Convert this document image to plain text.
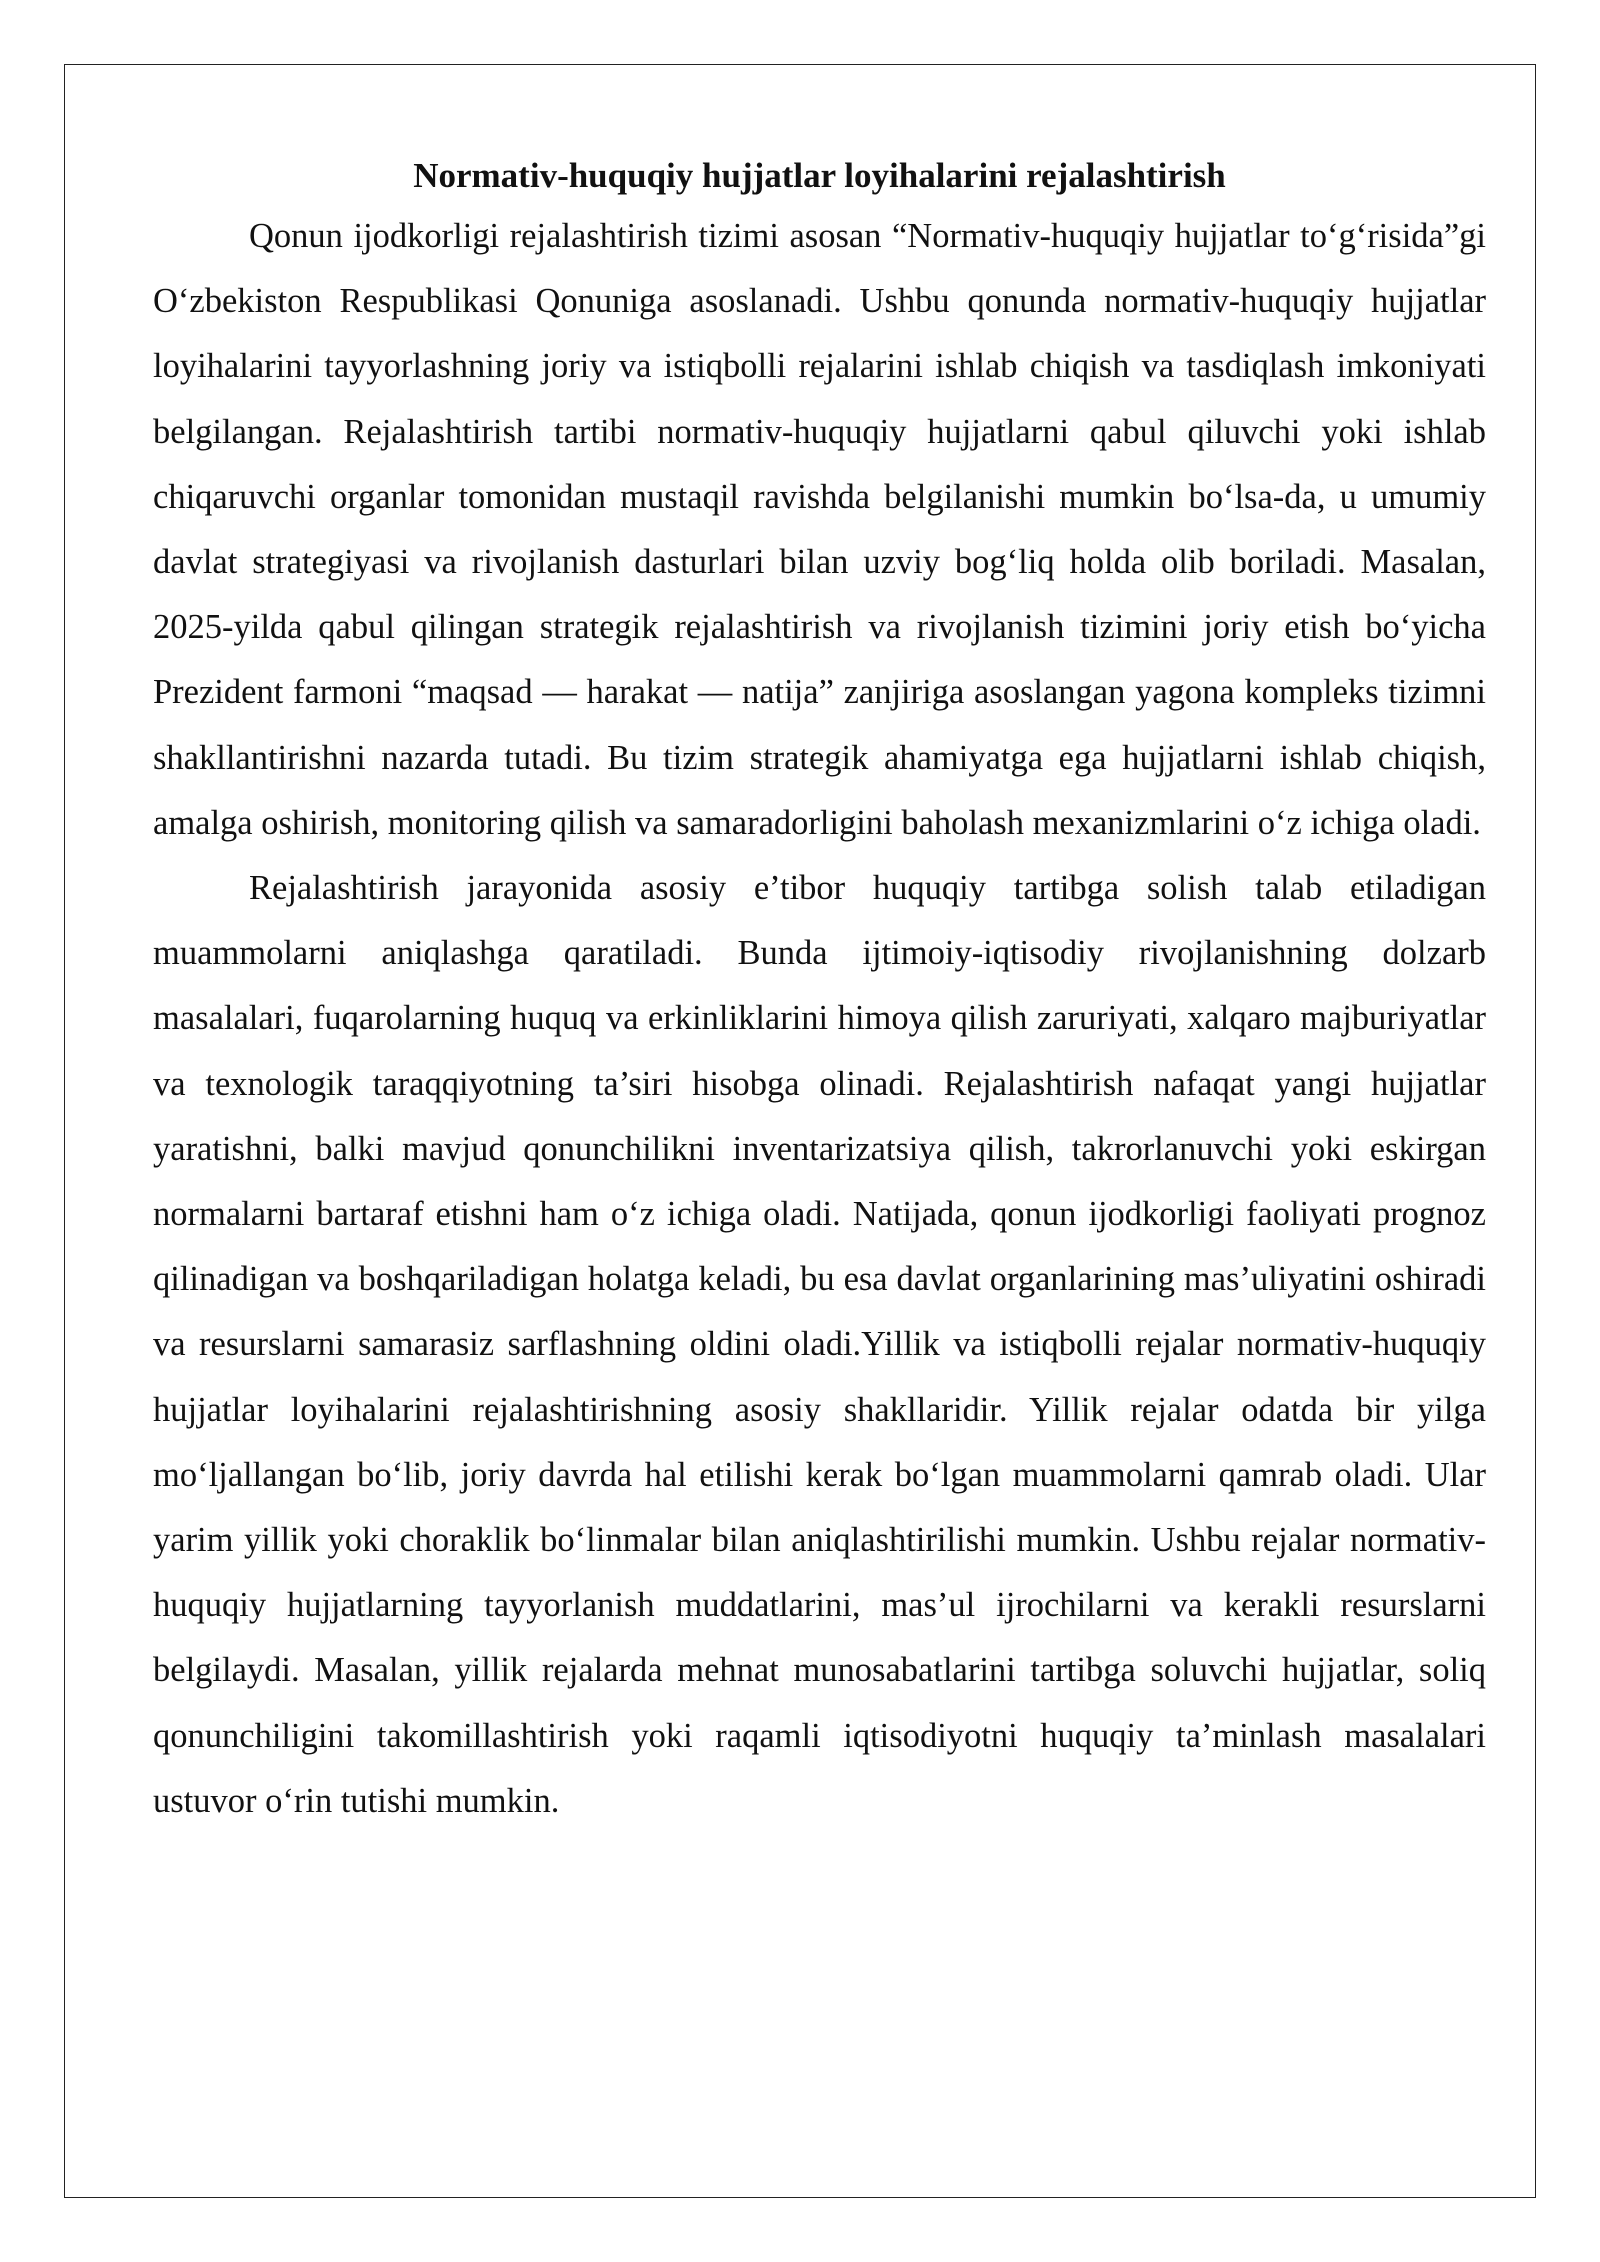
Normativ-huquqiy hujjatlar loyihalarini rejalashtirish

Qonun ijodkorligi rejalashtirish tizimi asosan “Normativ-huquqiy hujjatlar to‘g‘risida”gi O‘zbekiston Respublikasi Qonuniga asoslanadi. Ushbu qonunda normativ-huquqiy hujjatlar loyihalarini tayyorlashning joriy va istiqbolli rejalarini ishlab chiqish va tasdiqlash imkoniyati belgilangan. Rejalashtirish tartibi normativ-huquqiy hujjatlarni qabul qiluvchi yoki ishlab chiqaruvchi organlar tomonidan mustaqil ravishda belgilanishi mumkin bo‘lsa-da, u umumiy davlat strategiyasi va rivojlanish dasturlari bilan uzviy bog‘liq holda olib boriladi. Masalan, 2025-yilda qabul qilingan strategik rejalashtirish va rivojlanish tizimini joriy etish bo‘yicha Prezident farmoni “maqsad — harakat — natija” zanjiriga asoslangan yagona kompleks tizimni shakllantirishni nazarda tutadi. Bu tizim strategik ahamiyatga ega hujjatlarni ishlab chiqish, amalga oshirish, monitoring qilish va samaradorligini baholash mexanizmlarini o‘z ichiga oladi.

Rejalashtirish jarayonida asosiy e’tibor huquqiy tartibga solish talab etiladigan muammolarni aniqlashga qaratiladi. Bunda ijtimoiy-iqtisodiy rivojlanishning dolzarb masalalari, fuqarolarning huquq va erkinliklarini himoya qilish zaruriyati, xalqaro majburiyatlar va texnologik taraqqiyotning ta’siri hisobga olinadi. Rejalashtirish nafaqat yangi hujjatlar yaratishni, balki mavjud qonunchilikni inventarizatsiya qilish, takrorlanuvchi yoki eskirgan normalarni bartaraf etishni ham o‘z ichiga oladi. Natijada, qonun ijodkorligi faoliyati prognoz qilinadigan va boshqariladigan holatga keladi, bu esa davlat organlarining mas’uliyatini oshiradi va resurslarni samarasiz sarflashning oldini oladi.Yillik va istiqbolli rejalar normativ-huquqiy hujjatlar loyihalarini rejalashtirishning asosiy shakllaridir. Yillik rejalar odatda bir yilga mo‘ljallangan bo‘lib, joriy davrda hal etilishi kerak bo‘lgan muammolarni qamrab oladi. Ular yarim yillik yoki choraklik bo‘linmalar bilan aniqlashtirilishi mumkin. Ushbu rejalar normativ-huquqiy hujjatlarning tayyorlanish muddatlarini, mas’ul ijrochilarni va kerakli resurslarni belgilaydi. Masalan, yillik rejalarda mehnat munosabatlarini tartibga soluvchi hujjatlar, soliq qonunchiligini takomillashtirish yoki raqamli iqtisodiyotni huquqiy ta’minlash masalalari ustuvor o‘rin tutishi mumkin.
